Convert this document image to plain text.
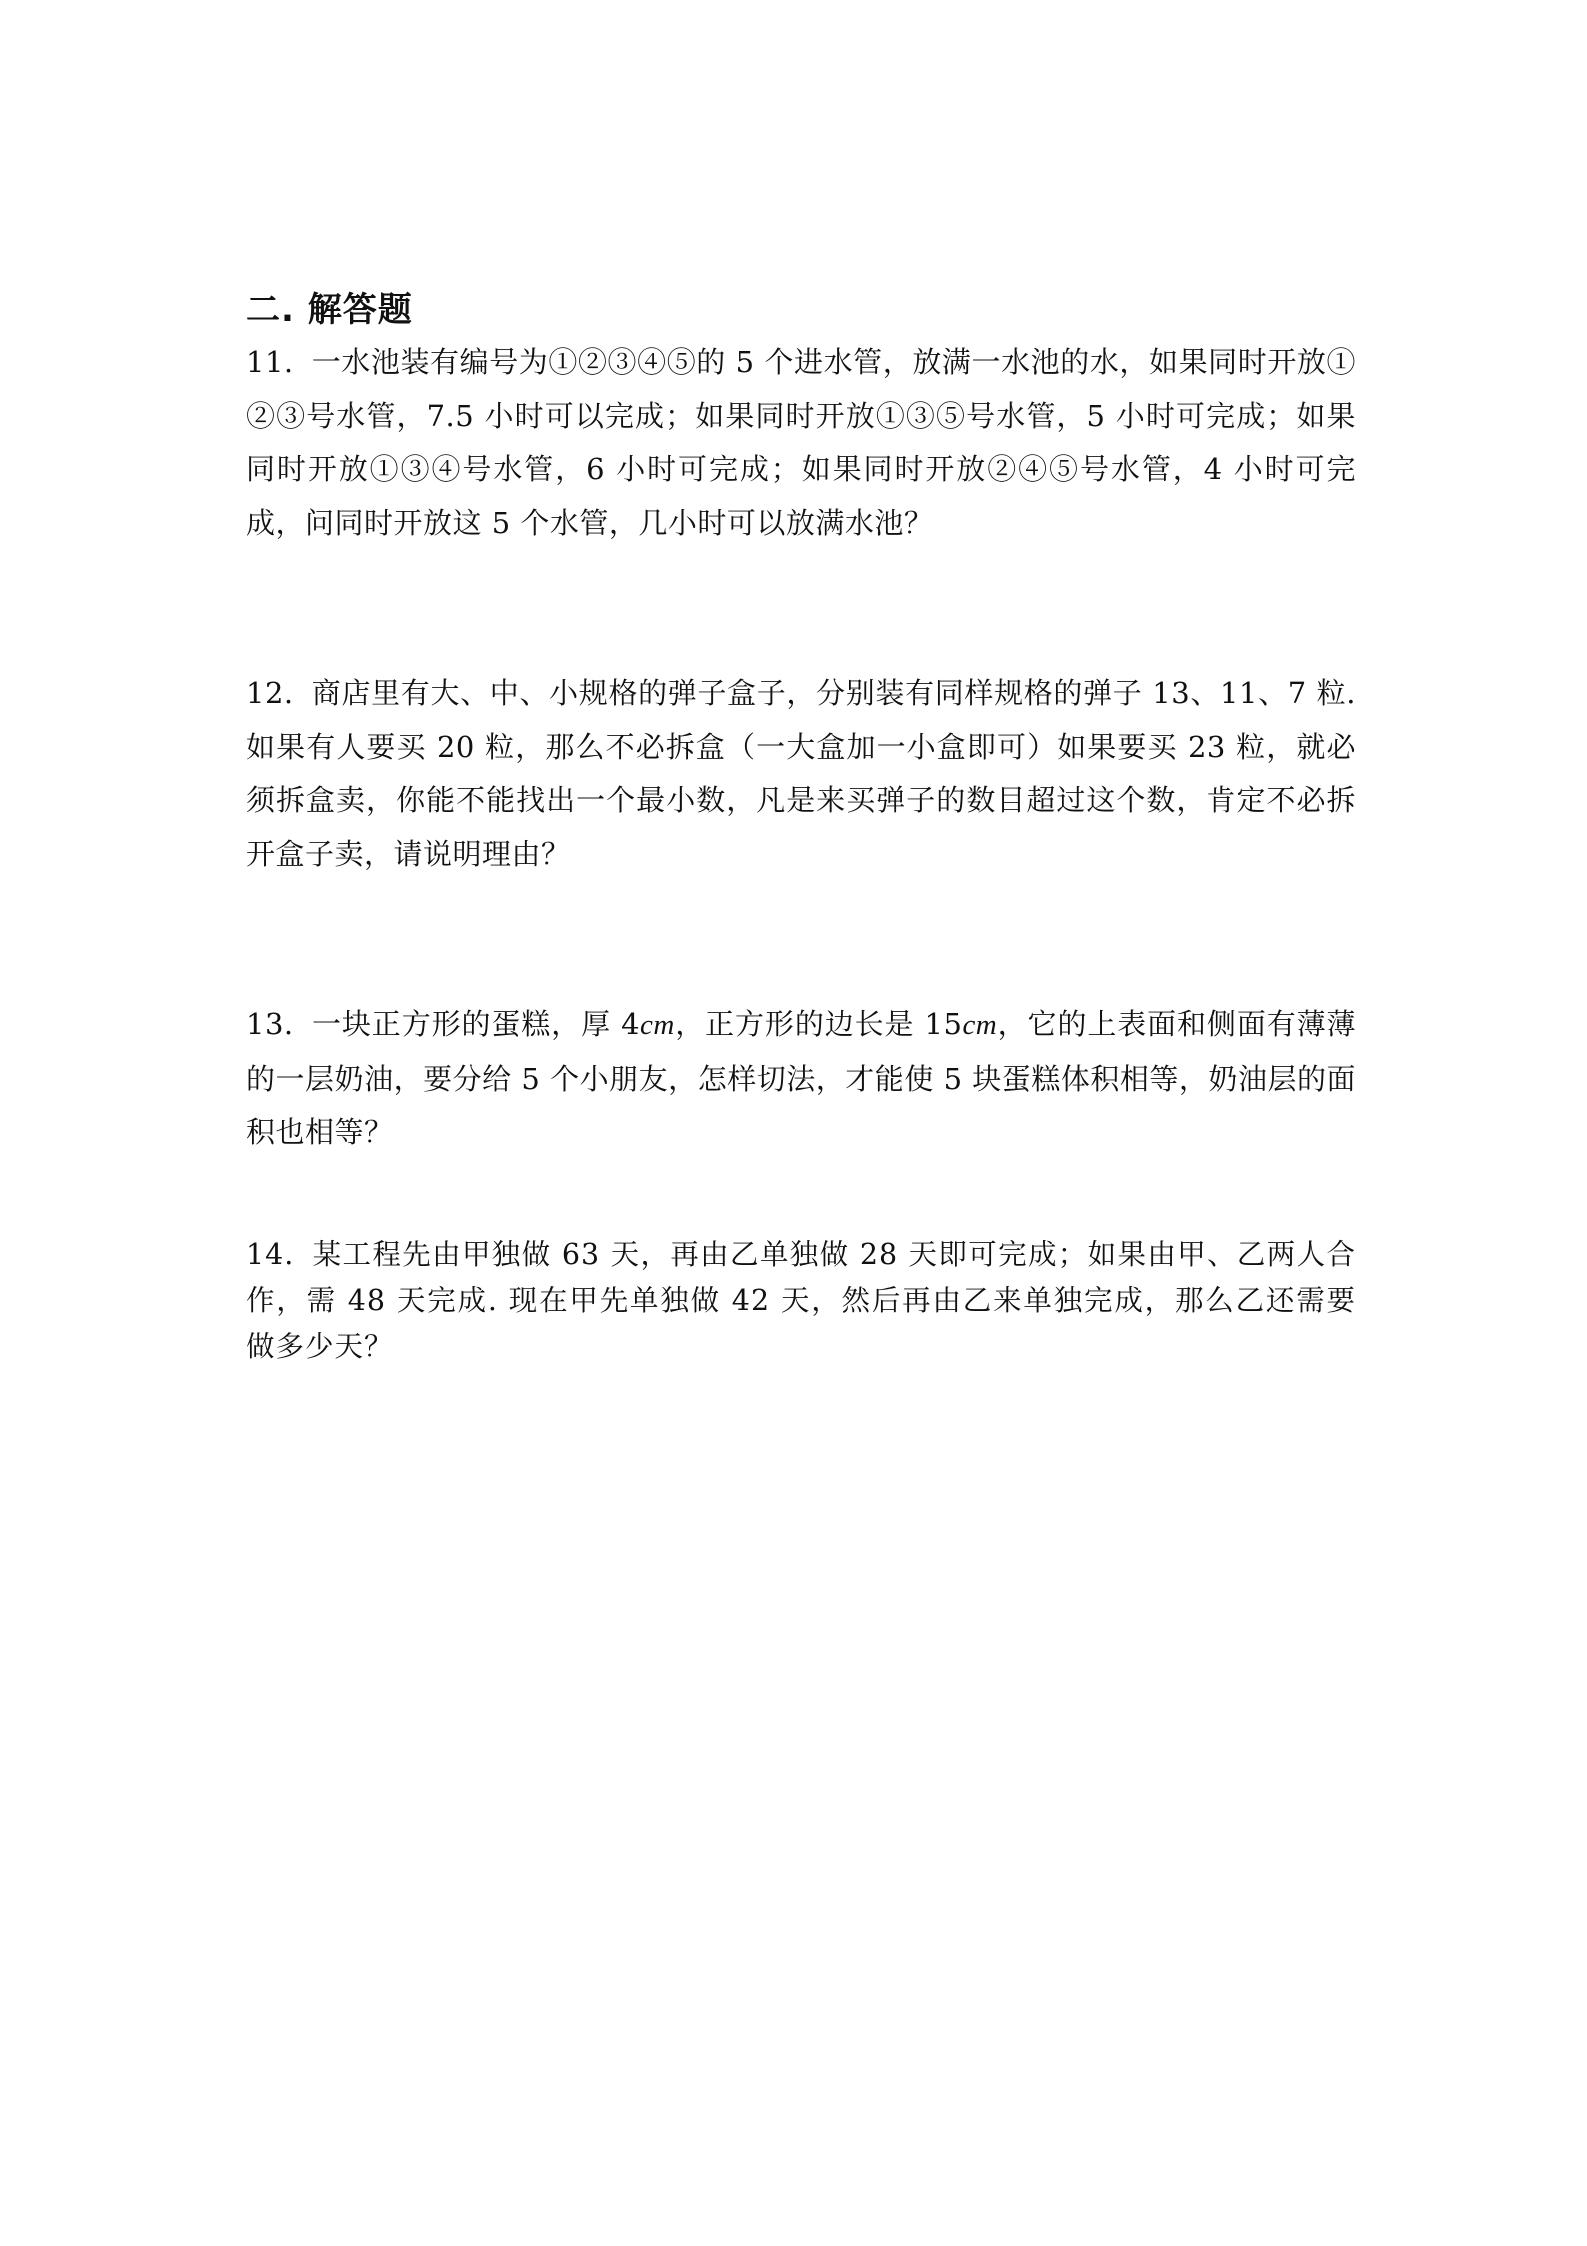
二. 解答题

11. 一水池装有编号为①②③④⑤的 5 个进水管，放满一水池的水，如果同时开放①②③号水管，7.5 小时可以完成；如果同时开放①③⑤号水管，5 小时可完成；如果同时开放①③④号水管，6 小时可完成；如果同时开放②④⑤号水管，4 小时可完成，问同时开放这 5 个水管，几小时可以放满水池？

12. 商店里有大、中、小规格的弹子盒子，分别装有同样规格的弹子 13、11、7 粒. 如果有人要买 20 粒，那么不必拆盒（一大盒加一小盒即可）如果要买 23 粒，就必须拆盒卖，你能不能找出一个最小数，凡是来买弹子的数目超过这个数，肯定不必拆开盒子卖，请说明理由？

13. 一块正方形的蛋糕，厚 4cm，正方形的边长是 15cm，它的上表面和侧面有薄薄的一层奶油，要分给 5 个小朋友，怎样切法，才能使 5 块蛋糕体积相等，奶油层的面积也相等？

14. 某工程先由甲独做 63 天，再由乙单独做 28 天即可完成；如果由甲、乙两人合作，需 48 天完成. 现在甲先单独做 42 天，然后再由乙来单独完成，那么乙还需要做多少天？
